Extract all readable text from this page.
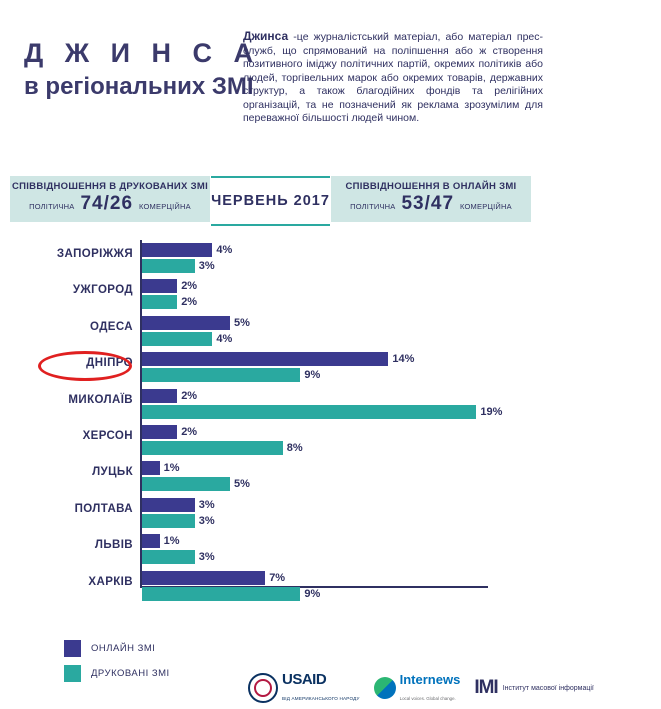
Д Ж И Н С А
в регіональних ЗМІ
Джинса -це журналістський матеріал, або матеріал прес-служб, що спрямований на поліпшення або ж створення позитивного іміджу політичних партій, окремих політиків або людей, торгівельних марок або окремих товарів, державних структур, а також благодійних фондів та релігійних організацій, та не позначений як реклама зрозумілим для переважної більшості людей чином.
СПІВВІДНОШЕННЯ В ДРУКОВАНИХ ЗМІ
ПОЛІТИЧНА 74/26 КОМЕРЦІЙНА ЧЕРВЕНЬ 2017
СПІВВІДНОШЕННЯ В ОНЛАЙН ЗМІ
ПОЛІТИЧНА 53/47 КОМЕРЦІЙНА
ЗАПОРІЖЖЯ	4%
3%
УЖГОРОД	2%
2%
ОДЕСА	5%
4%
ДНІПРО	14%
9%
МИКОЛАЇВ	2%
19%
ХЕРСОН	2%
8%
ЛУЦЬК	1%
5%
ПОЛТАВА	3%
3%
ЛЬВІВ	1%
3%
ХАРКІВ	7%
9%
ОНЛАЙН ЗМІ
ДРУКОВАНІ ЗМІ	USAID
ВІД АМЕРИКАНСЬКОГО НАРОДУ
Internews
Local voices. Global change.
ІМІ Інститут масової інформації
